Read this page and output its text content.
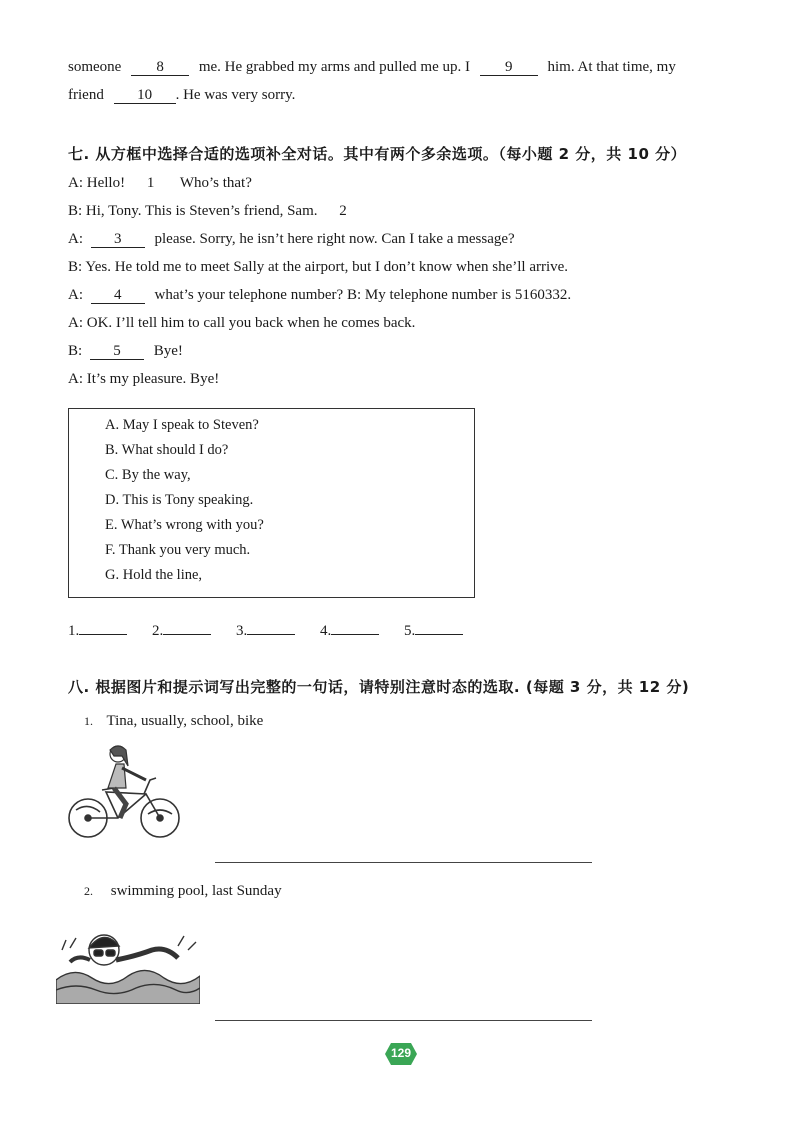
someone 8 me. He grabbed my arms and pulled me up. I 9 him. At that time, my
friend 10 . He was very sorry.
七. 从方框中选择合适的选项补全对话。其中有两个多余选项。（每小题 2 分，共 10 分）
A: Hello! 1 Who’s that?
B: Hi, Tony. This is Steven’s friend, Sam. 2
A: 3 please. Sorry, he isn’t here right now. Can I take a message?
B: Yes. He told me to meet Sally at the airport, but I don’t know when she’ll arrive.
A: 4 what’s your telephone number? B: My telephone number is 5160332.
A: OK. I’ll tell him to call you back when he comes back.
B: 5 Bye!
A: It’s my pleasure. Bye!
A. May I speak to Steven?
B. What should I do?
C. By the way,
D. This is Tony speaking.
E. What’s wrong with you?
F. Thank you very much.
G. Hold the line,
1.	2.	3.	4.	5.
八. 根据图片和提示词写出完整的一句话，请特别注意时态的选取. (每题 3 分，共 12 分)
1. Tina, usually, school, bike
2. swimming pool, last Sunday
129
